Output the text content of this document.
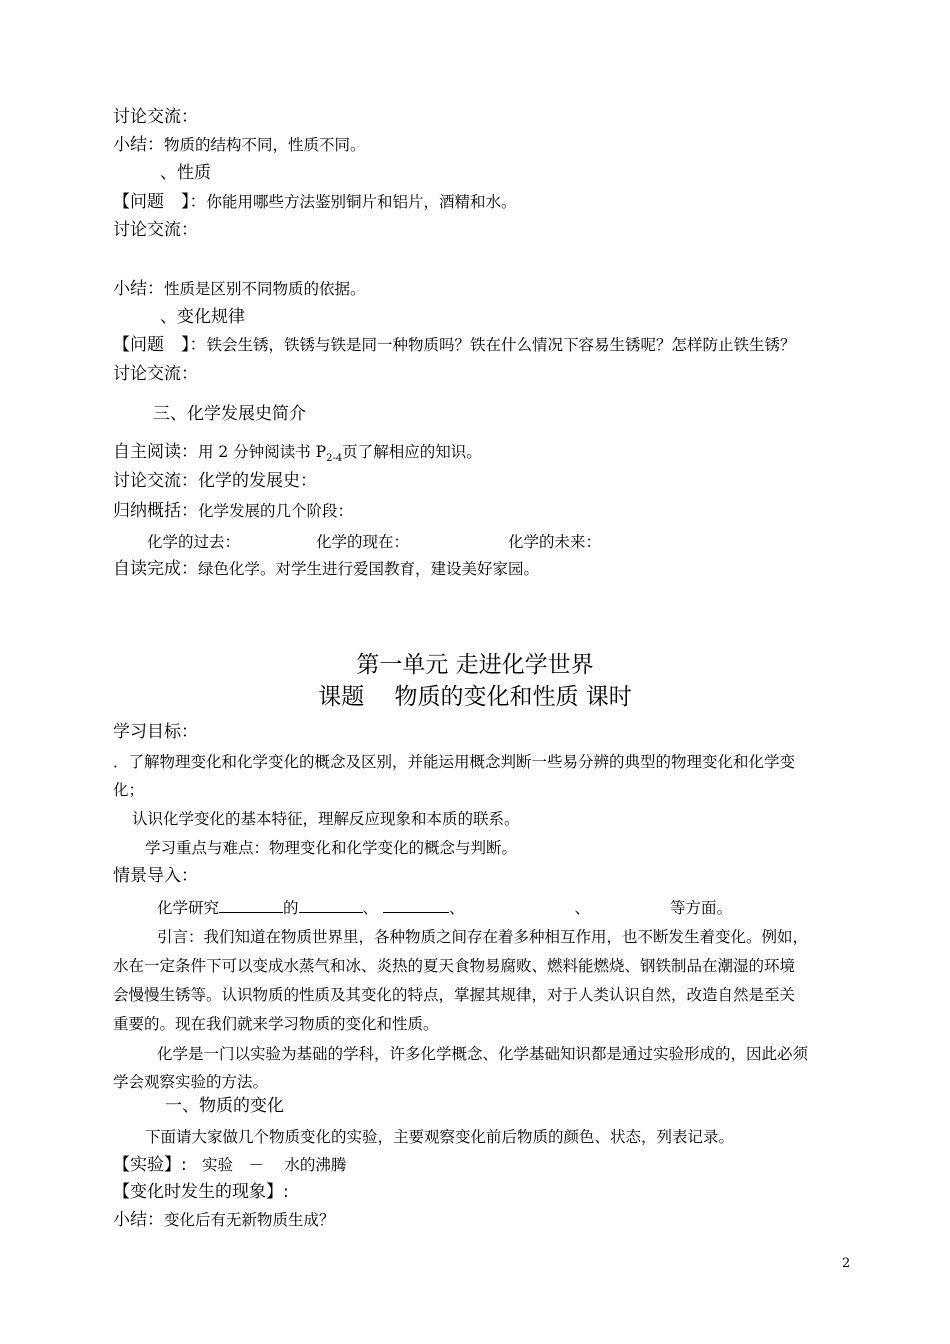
讨论交流：
小结：物质的结构不同，性质不同。
、性质
【问题　】：你能用哪些方法鉴别铜片和铝片，酒精和水。
讨论交流：
小结：性质是区别不同物质的依据。
、变化规律
【问题　】：铁会生锈，铁锈与铁是同一种物质吗？铁在什么情况下容易生锈呢？怎样防止铁生锈？
讨论交流：
三、化学发展史简介
自主阅读：用 2 分钟阅读书 $P_{2-4}$页了解相应的知识。
讨论交流：化学的发展史：
归纳概括：化学发展的几个阶段：
化学的过去：	化学的现在：	化学的未来：
自读完成：绿色化学。对学生进行爱国教育，建设美好家园。
第一单元 走进化学世界
课题　 物质的变化和性质 课时
学习目标：
．了解物理变化和化学变化的概念及区别，并能运用概念判断一些易分辨的典型的物理变化和化学变
化；
认识化学变化的基本特征，理解反应现象和本质的联系。
学习重点与难点：物理变化和化学变化的概念与判断。
情景导入：
化学研究	的	、	、	、	等方面。
引言：我们知道在物质世界里，各种物质之间存在着多种相互作用，也不断发生着变化。例如，
水在一定条件下可以变成水蒸气和冰、炎热的夏天食物易腐败、燃料能燃烧、钢铁制品在潮湿的环境
会慢慢生锈等。认识物质的性质及其变化的特点，掌握其规律，对于人类认识自然，改造自然是至关
重要的。现在我们就来学习物质的变化和性质。
化学是一门以实验为基础的学科，许多化学概念、化学基础知识都是通过实验形成的，因此必须
学会观察实验的方法。
一、物质的变化
下面请大家做几个物质变化的实验，主要观察变化前后物质的颜色、状态，列表记录。
【实验】: 实验　－　 水的沸腾
【变化时发生的现象】:
小结：变化后有无新物质生成？
2
